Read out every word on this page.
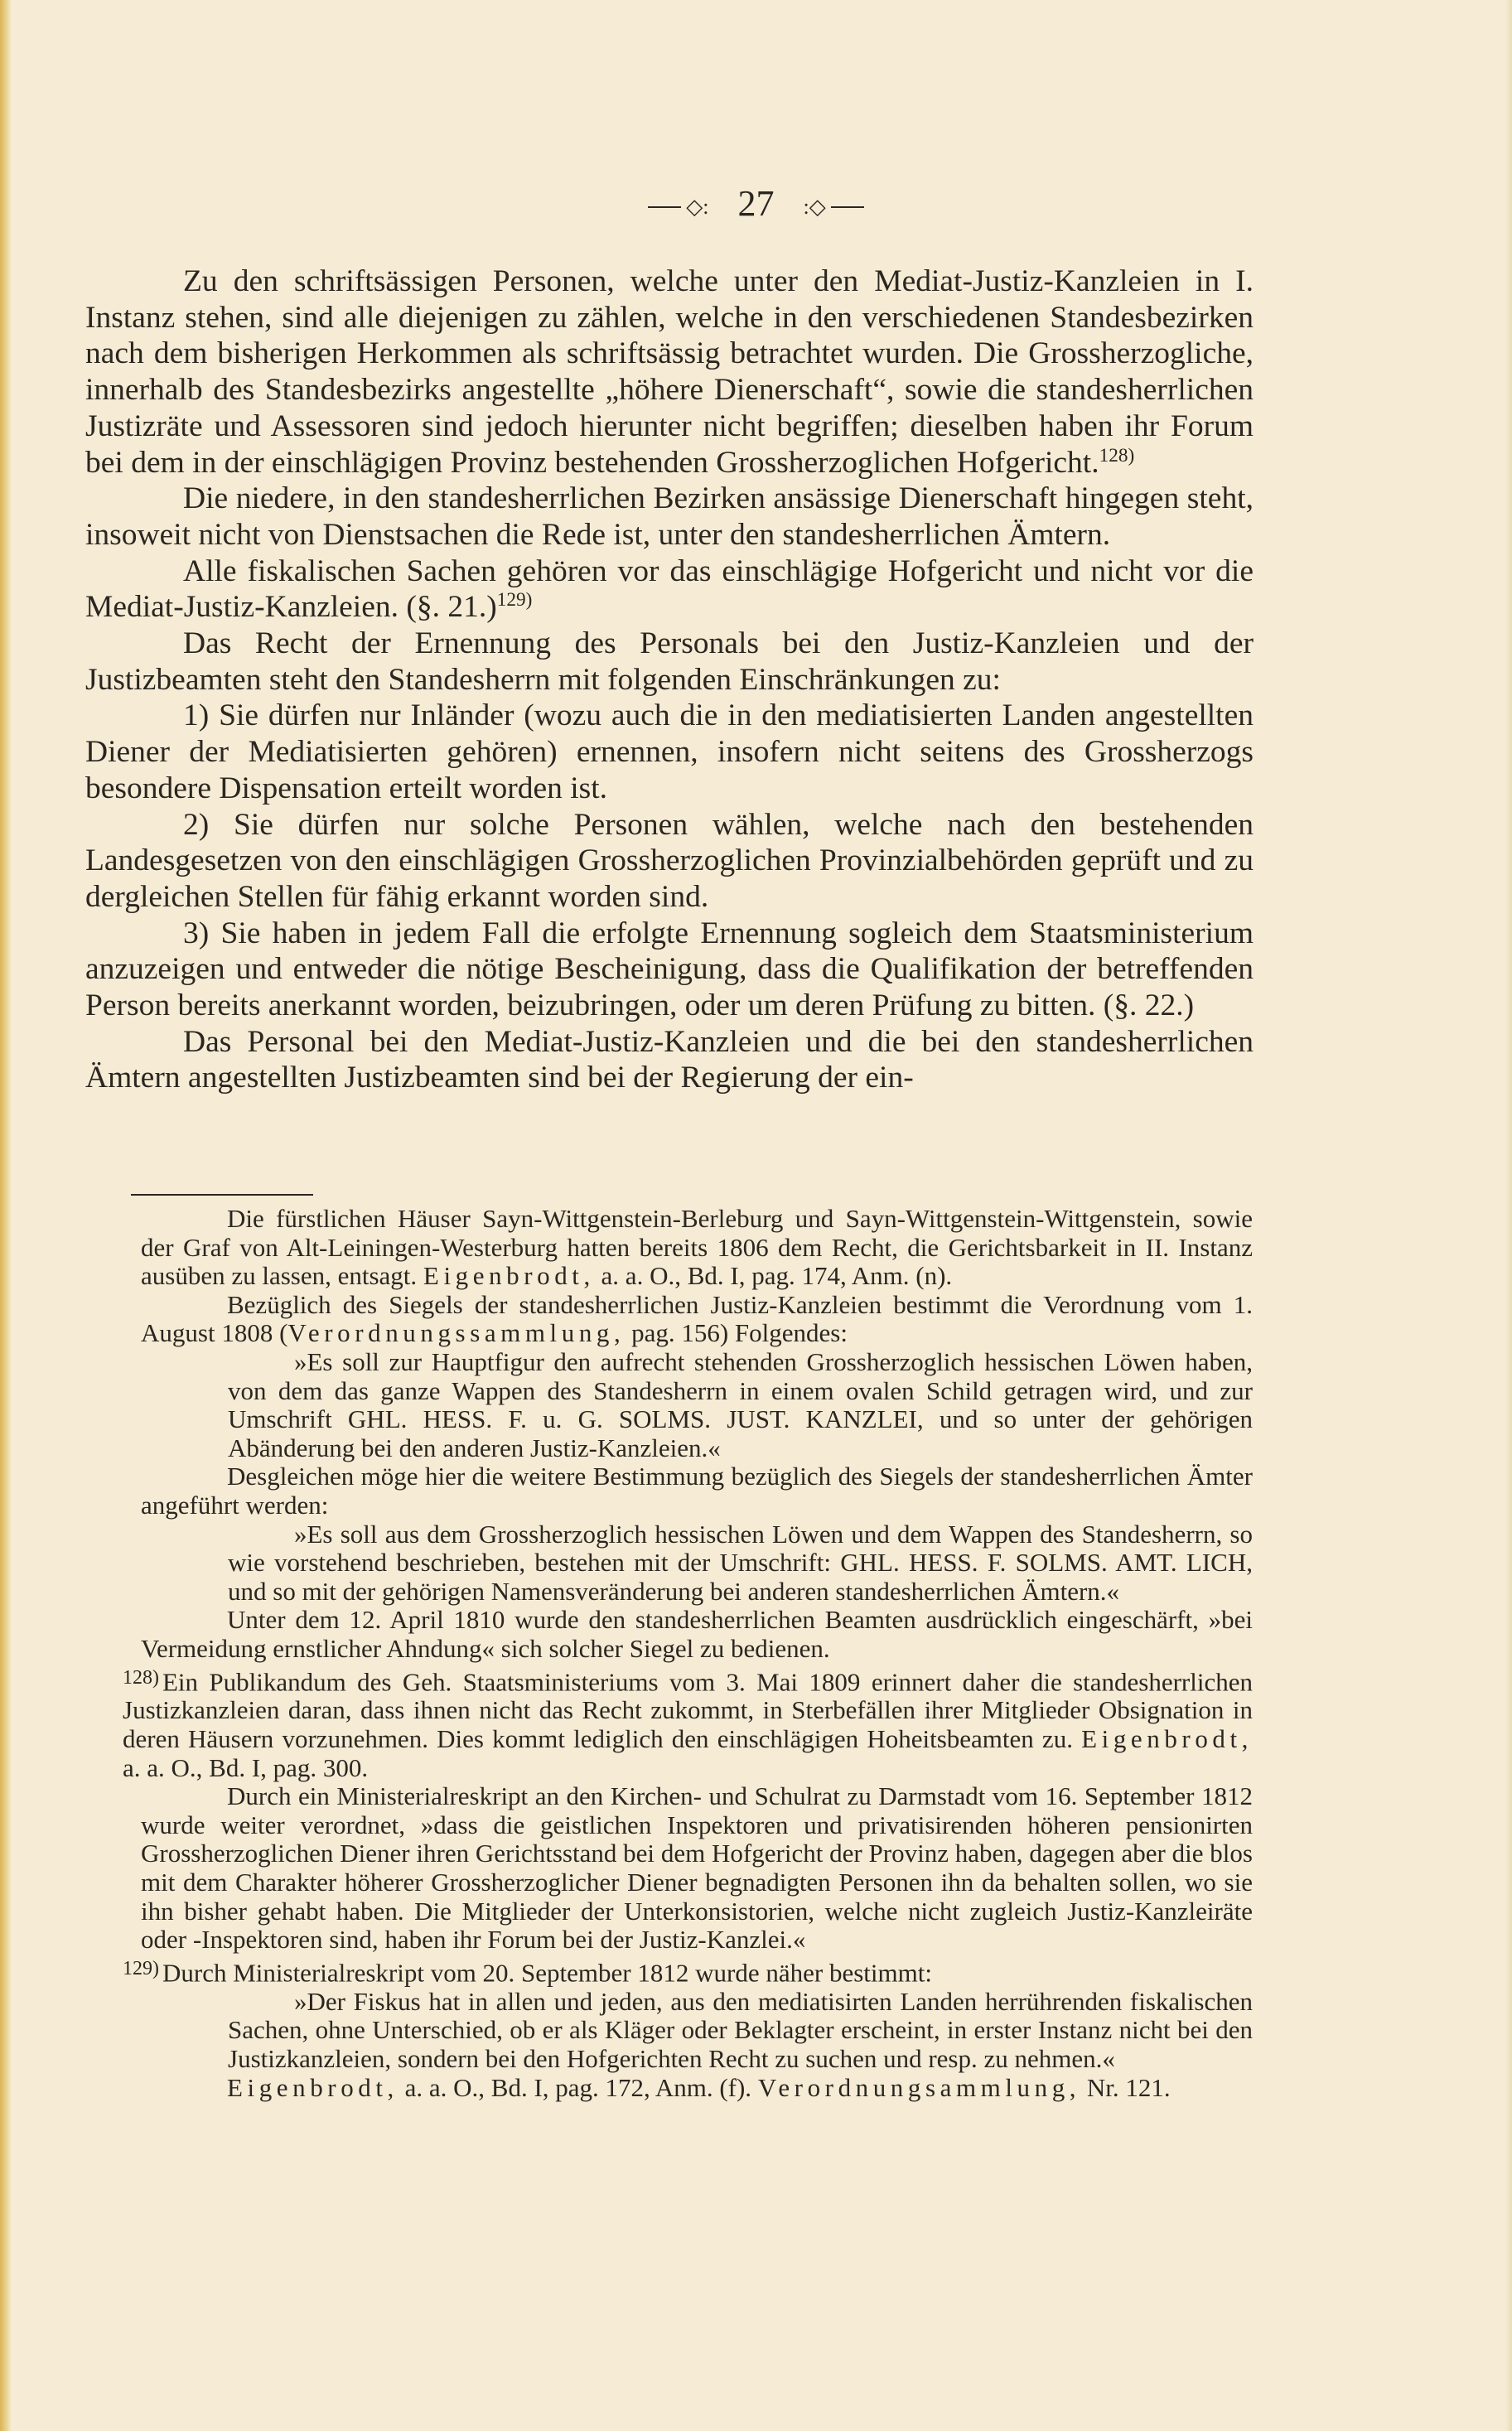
◇: 27 :◇

Zu den schriftsässigen Personen, welche unter den Mediat-Justiz-Kanzleien in I. Instanz stehen, sind alle diejenigen zu zählen, welche in den verschiedenen Standesbezirken nach dem bisherigen Herkommen als schriftsässig betrachtet wurden. Die Grossherzogliche, innerhalb des Standesbezirks angestellte „höhere Dienerschaft“, sowie die standesherrlichen Justizräte und Assessoren sind jedoch hierunter nicht begriffen; dieselben haben ihr Forum bei dem in der einschlägigen Provinz bestehenden Grossherzoglichen Hofgericht.$^{128)}$

Die niedere, in den standesherrlichen Bezirken ansässige Dienerschaft hingegen steht, insoweit nicht von Dienstsachen die Rede ist, unter den standesherrlichen Ämtern.

Alle fiskalischen Sachen gehören vor das einschlägige Hofgericht und nicht vor die Mediat-Justiz-Kanzleien. (§. 21.)$^{129)}$

Das Recht der Ernennung des Personals bei den Justiz-Kanzleien und der Justizbeamten steht den Standesherrn mit folgenden Einschränkungen zu:

1) Sie dürfen nur Inländer (wozu auch die in den mediatisierten Landen angestellten Diener der Mediatisierten gehören) ernennen, insofern nicht seitens des Grossherzogs besondere Dispensation erteilt worden ist.

2) Sie dürfen nur solche Personen wählen, welche nach den bestehenden Landesgesetzen von den einschlägigen Grossherzoglichen Provinzialbehörden geprüft und zu dergleichen Stellen für fähig erkannt worden sind.

3) Sie haben in jedem Fall die erfolgte Ernennung sogleich dem Staatsministerium anzuzeigen und entweder die nötige Bescheinigung, dass die Qualifikation der betreffenden Person bereits anerkannt worden, beizubringen, oder um deren Prüfung zu bitten. (§. 22.)

Das Personal bei den Mediat-Justiz-Kanzleien und die bei den standesherrlichen Ämtern angestellten Justizbeamten sind bei der Regierung der ein-

Die fürstlichen Häuser Sayn-Wittgenstein-Berleburg und Sayn-Wittgenstein-Wittgenstein, sowie der Graf von Alt-Leiningen-Westerburg hatten bereits 1806 dem Recht, die Gerichtsbarkeit in II. Instanz ausüben zu lassen, entsagt. Eigenbrodt, a. a. O., Bd. I, pag. 174, Anm. (n).

Bezüglich des Siegels der standesherrlichen Justiz-Kanzleien bestimmt die Verordnung vom 1. August 1808 (Verordnungssammlung, pag. 156) Folgendes:

»Es soll zur Hauptfigur den aufrecht stehenden Grossherzoglich hessischen Löwen haben, von dem das ganze Wappen des Standesherrn in einem ovalen Schild getragen wird, und zur Umschrift GHL. HESS. F. u. G. SOLMS. JUST. KANZLEI, und so unter der gehörigen Abänderung bei den anderen Justiz-Kanzleien.«

Desgleichen möge hier die weitere Bestimmung bezüglich des Siegels der standesherrlichen Ämter angeführt werden:

»Es soll aus dem Grossherzoglich hessischen Löwen und dem Wappen des Standesherrn, so wie vorstehend beschrieben, bestehen mit der Umschrift: GHL. HESS. F. SOLMS. AMT. LICH, und so mit der gehörigen Namensveränderung bei anderen standesherrlichen Ämtern.«

Unter dem 12. April 1810 wurde den standesherrlichen Beamten ausdrücklich eingeschärft, »bei Vermeidung ernstlicher Ahndung« sich solcher Siegel zu bedienen.

$^{128)}$ Ein Publikandum des Geh. Staatsministeriums vom 3. Mai 1809 erinnert daher die standesherrlichen Justizkanzleien daran, dass ihnen nicht das Recht zukommt, in Sterbefällen ihrer Mitglieder Obsignation in deren Häusern vorzunehmen. Dies kommt lediglich den einschlägigen Hoheitsbeamten zu. Eigenbrodt, a. a. O., Bd. I, pag. 300.

Durch ein Ministerialreskript an den Kirchen- und Schulrat zu Darmstadt vom 16. September 1812 wurde weiter verordnet, »dass die geistlichen Inspektoren und privatisirenden höheren pensionirten Grossherzoglichen Diener ihren Gerichtsstand bei dem Hofgericht der Provinz haben, dagegen aber die blos mit dem Charakter höherer Grossherzoglicher Diener begnadigten Personen ihn da behalten sollen, wo sie ihn bisher gehabt haben. Die Mitglieder der Unterkonsistorien, welche nicht zugleich Justiz-Kanzleiräte oder -Inspektoren sind, haben ihr Forum bei der Justiz-Kanzlei.«

$^{129)}$ Durch Ministerialreskript vom 20. September 1812 wurde näher bestimmt:

»Der Fiskus hat in allen und jeden, aus den mediatisirten Landen herrührenden fiskalischen Sachen, ohne Unterschied, ob er als Kläger oder Beklagter erscheint, in erster Instanz nicht bei den Justizkanzleien, sondern bei den Hofgerichten Recht zu suchen und resp. zu nehmen.«

Eigenbrodt, a. a. O., Bd. I, pag. 172, Anm. (f). Verordnungsammlung, Nr. 121.
